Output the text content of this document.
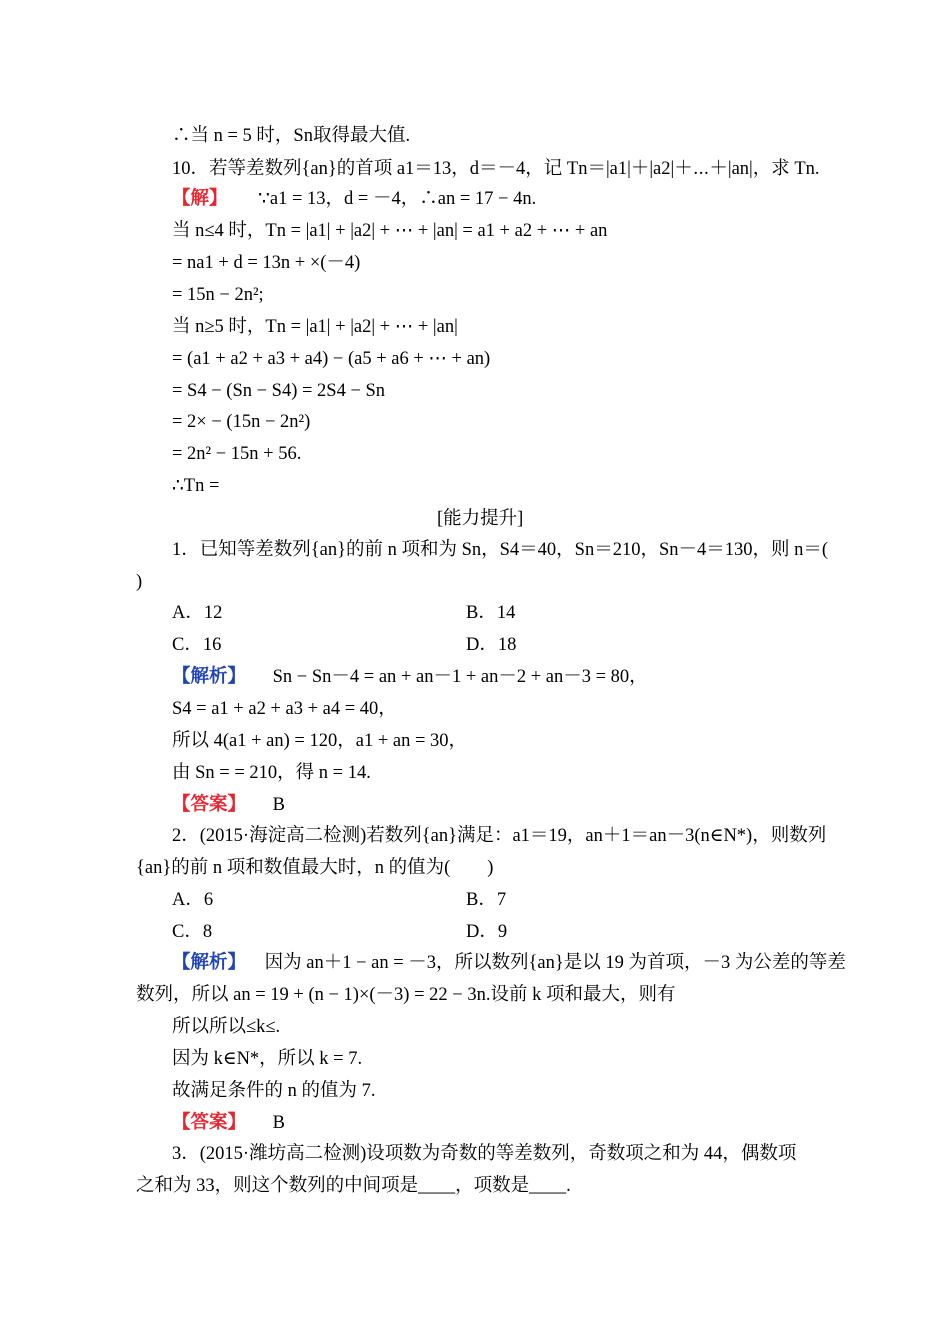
∴当 n = 5 时，Sn取得最大值.
10．若等差数列{an}的首项 a1＝13，d＝－4，记 Tn＝|a1|＋|a2|＋⋯＋|an|，求 Tn.
【解】 ∵a1 = 13，d = －4，∴an = 17 − 4n.
当 n≤4 时，Tn = |a1| + |a2| + ⋯ + |an| = a1 + a2 + ⋯ + an
= na1 + d = 13n + ×(－4)
= 15n − 2n²;
当 n≥5 时，Tn = |a1| + |a2| + ⋯ + |an|
= (a1 + a2 + a3 + a4) − (a5 + a6 + ⋯ + an)
= S4 − (Sn − S4) = 2S4 − Sn
= 2× − (15n − 2n²)
= 2n² − 15n + 56.
∴Tn =
[能力提升]
1．已知等差数列{an}的前 n 项和为 Sn，S4＝40，Sn＝210，Sn－4＝130，则 n＝(
)
A．12	B．14
C．16	D．18
【解析】 Sn − Sn－4 = an + an－1 + an－2 + an－3 = 80，
S4 = a1 + a2 + a3 + a4 = 40，
所以 4(a1 + an) = 120，a1 + an = 30，
由 Sn = = 210，得 n = 14.
【答案】 B
2．(2015·海淀高二检测)若数列{an}满足：a1＝19，an＋1＝an－3(n∈N*)，则数列
{an}的前 n 项和数值最大时，n 的值为(　　)
A．6	B．7
C．8	D．9
【解析】 因为 an＋1 − an = －3，所以数列{an}是以 19 为首项，－3 为公差的等差
数列，所以 an = 19 + (n − 1)×(－3) = 22 − 3n.设前 k 项和最大，则有
所以所以≤k≤.
因为 k∈N*，所以 k = 7.
故满足条件的 n 的值为 7.
【答案】 B
3．(2015·潍坊高二检测)设项数为奇数的等差数列，奇数项之和为 44，偶数项
之和为 33，则这个数列的中间项是____，项数是____.
